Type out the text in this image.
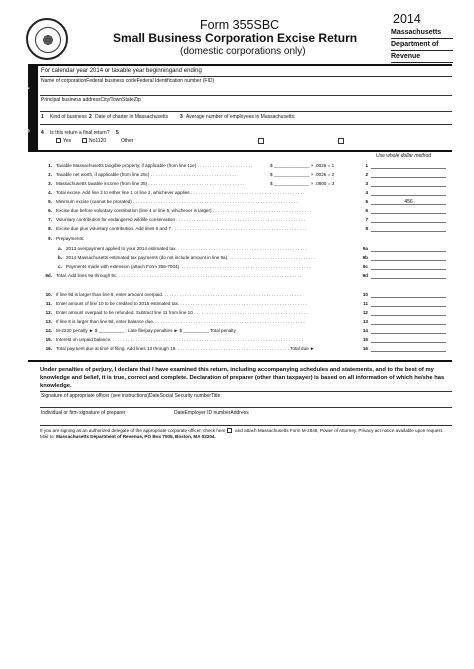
Form 355SBC
Small Business Corporation Excise Return
(domestic corporations only)
2014
Massachusetts
Department of
Revenue
RegistrationCorp
For calendar year 2014 or taxable year beginningand ending
Name of corporationFederal business codeFederal Identification number (FID)
Principal business addressCity/TownStateZip
1 Kind of business 2 Date of charter in Massachusetts 3 Average number of employees in Massachusetts:
4 Is this return a final return? 5
Yes	No1120	Other
Use whole dollar method
1. Taxable Massachusetts tangible property, if applicable (from line 11e) . . . . . . . . . . . . . . . . . . . . . .	$ ______________ × .0026 = 1	1
2. Taxable net worth, if applicable (from line 25c) . . . . . . . . . . . . . . . . . . . . . . . . . . . . . . . . . .	$ ______________ × .0026 = 2	2
3. Massachusetts taxable income (from line 35) . . . . . . . . . . . . . . . . . . . . . . . . . . . . . . . . . . . . . .	$ ______________ × .0800 = 3	3
4. Total excise. Add line 3 to either line 1 or line 2, whichever applies . . . . . . . . . . . . . . . . . . . . . . . . . . . . . . . . . . . . . . . . . . . . .	4
5. Minimum excise (cannot be prorated) . . . . . . . . . . . . . . . . . . . . . . . . . . . . . . . . . . . . . . . . . . . . . . . . . . . . . . . . . . . . . . . . .	5	456
6. Excise due before voluntary contribution (line 4 or line 5, whichever is larger) . . . . . . . . . . . . . . . . . . . . . . . . . . . . . . . . . . . . . . .	6
7. Voluntary contribution for endangered wildlife conservation . . . . . . . . . . . . . . . . . . . . . . . . . . . . . . . . . . . . . . . . . . . . . . . . . . .	7
8. Excise due plus voluntary contribution. Add lines 6 and 7 . . . . . . . . . . . . . . . . . . . . . . . . . . . . . . . . . . . . . . . . . . . . . . . . . . . . .	8
9. Prepayments:
a. 2013 overpayment applied to your 2014 estimated tax. . . . . . . . . . . . . . . . . . . . . . . . . . . . . . . . . . . . . . . . . . . . . . . . . . . .	9a
b. 2014 Massachusetts estimated tax payments (do not include amount in line 9a). . . . . . . . . . . . . . . . . . . . . . . . . . . . . . . . . . .	9b
c. Payments made with extension (attach Form 355-7004). . . . . . . . . . . . . . . . . . . . . . . . . . . . . . . . . . . . . . . . . . . . . . . . . . . .	9c
9d. Total. Add lines 9a through 9c. . . . . . . . . . . . . . . . . . . . . . . . . . . . . . . . . . . . . . . . . . . . . . . . . . . . . . . . . . . . . . . . . . . . . . . . .	9d
10. If line 9d is larger than line 8, enter amount overpaid. . . . . . . . . . . . . . . . . . . . . . . . . . . . . . . . . . . . . . . . . . . . . . . . . . . . . . .	10
11. Enter amount of line 10 to be credited to 2015 estimated tax. . . . . . . . . . . . . . . . . . . . . . . . . . . . . . . . . . . . . . . . . . . . . . . . . . .	11
12. Enter amount overpaid to be refunded. Subtract line 11 from line 10 . . . . . . . . . . . . . . . . . . . . . . . . . . . . . . . . . . . . . . . . . . . . .	12
13. If line 8 is larger than line 9d, enter balance due. . . . . . . . . . . . . . . . . . . . . . . . . . . . . . . . . . . . . . . . . . . . . . . . . . . . . . . . . . . .	13
14. M-2220 penalty ► $ __________ ; Late file/pay penalties ► $ __________ Total penalty	14
15. Interest on unpaid balance. . . . . . . . . . . . . . . . . . . . . . . . . . . . . . . . . . . . . . . . . . . . . . . . . . . . . . . . . . . . . . . . . . . . . . . . . . . .	15
16. Total payment due at time of filing. Add lines 13 through 15. . . . . . . . . . . . . . . . . . . . . . . . . . . . . . . . . . . . . . . . . . . . . Total due ►	16
Under penalties of perjury, I declare that I have examined this return, including accompanying schedules and statements, and to the best of my knowledge and belief, it is true, correct and complete. Declaration of preparer (other than taxpayer) is based on all information of which he/she has knowledge.
Signature of appropriate officer (see instructions)DateSocial Security numberTitle
Individual or firm signature of preparer	DateEmployer ID numberAddress
If you are signing as an authorized delegate of the appropriate corporate officer, check here and attach Massachusetts Form M-2848, Power of Attorney. Privacy act notice available upon request. Mail to: Massachusetts Department of Revenue, PO Box 7005, Boston, MA 02204.
